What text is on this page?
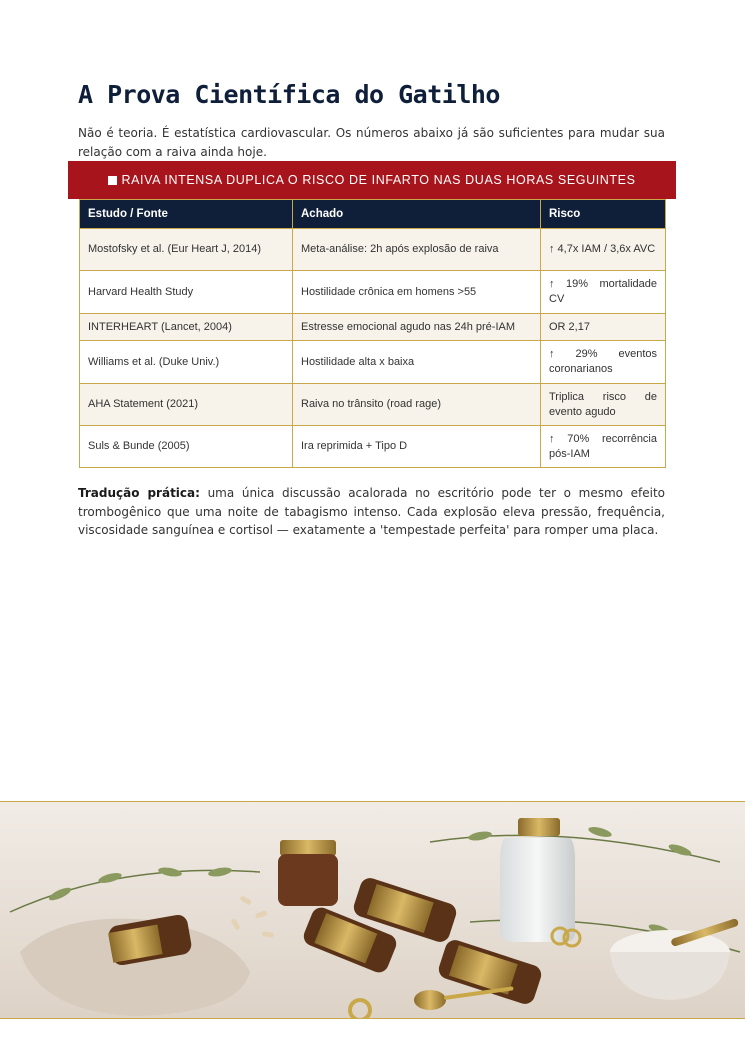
A Prova Científica do Gatilho

Não é teoria. É estatística cardiovascular. Os números abaixo já são suficientes para mudar sua relação com a raiva ainda hoje.

RAIVA INTENSA DUPLICA O RISCO DE INFARTO NAS DUAS HORAS SEGUINTES
Estudo / Fonte	Achado	Risco
Mostofsky et al. (Eur Heart J, 2014)	Meta-análise: 2h após explosão de raiva	↑ 4,7x IAM / 3,6x AVC

Harvard Health Study	Hostilidade crônica em homens >55	↑ 19% mortalidade CV

INTERHEART (Lancet, 2004)	Estresse emocional agudo nas 24h pré-IAM	OR 2,17

Williams et al. (Duke Univ.)	Hostilidade alta x baixa	↑ 29% eventos coronarianos

AHA Statement (2021)	Raiva no trânsito (road rage)	Triplica risco de evento agudo

Suls & Bunde (2005)	Ira reprimida + Tipo D	↑ 70% recorrência pós-IAM

Tradução prática: uma única discussão acalorada no escritório pode ter o mesmo efeito trombogênico que uma noite de tabagismo intenso. Cada explosão eleva pressão, frequência, viscosidade sanguínea e cortisol — exatamente a 'tempestade perfeita' para romper uma placa.
